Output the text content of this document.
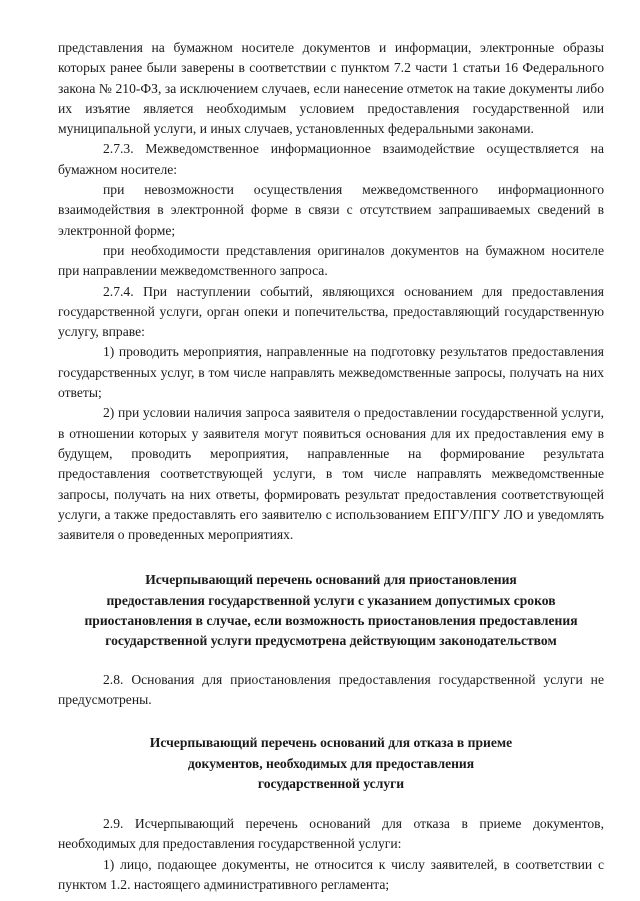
представления на бумажном носителе документов и информации, электронные образы которых ранее были заверены в соответствии с пунктом 7.2 части 1 статьи 16 Федерального закона № 210-ФЗ, за исключением случаев, если нанесение отметок на такие документы либо их изъятие является необходимым условием предоставления государственной или муниципальной услуги, и иных случаев, установленных федеральными законами.

2.7.3. Межведомственное информационное взаимодействие осуществляется на бумажном носителе:

при невозможности осуществления межведомственного информационного взаимодействия в электронной форме в связи с отсутствием запрашиваемых сведений в электронной форме;

при необходимости представления оригиналов документов на бумажном носителе при направлении межведомственного запроса.

2.7.4. При наступлении событий, являющихся основанием для предоставления государственной услуги, орган опеки и попечительства, предоставляющий государственную услугу, вправе:

1) проводить мероприятия, направленные на подготовку результатов предоставления государственных услуг, в том числе направлять межведомственные запросы, получать на них ответы;

2) при условии наличия запроса заявителя о предоставлении государственной услуги, в отношении которых у заявителя могут появиться основания для их предоставления ему в будущем, проводить мероприятия, направленные на формирование результата предоставления соответствующей услуги, в том числе направлять межведомственные запросы, получать на них ответы, формировать результат предоставления соответствующей услуги, а также предоставлять его заявителю с использованием ЕПГУ/ПГУ ЛО и уведомлять заявителя о проведенных мероприятиях.

Исчерпывающий перечень оснований для приостановления
предоставления государственной услуги с указанием допустимых сроков
приостановления в случае, если возможность приостановления предоставления
государственной услуги предусмотрена действующим законодательством

2.8. Основания для приостановления предоставления государственной услуги не предусмотрены.

Исчерпывающий перечень оснований для отказа в приеме
документов, необходимых для предоставления
государственной услуги

2.9. Исчерпывающий перечень оснований для отказа в приеме документов, необходимых для предоставления государственной услуги:

1) лицо, подающее документы, не относится к числу заявителей, в соответствии с пунктом 1.2. настоящего административного регламента;
